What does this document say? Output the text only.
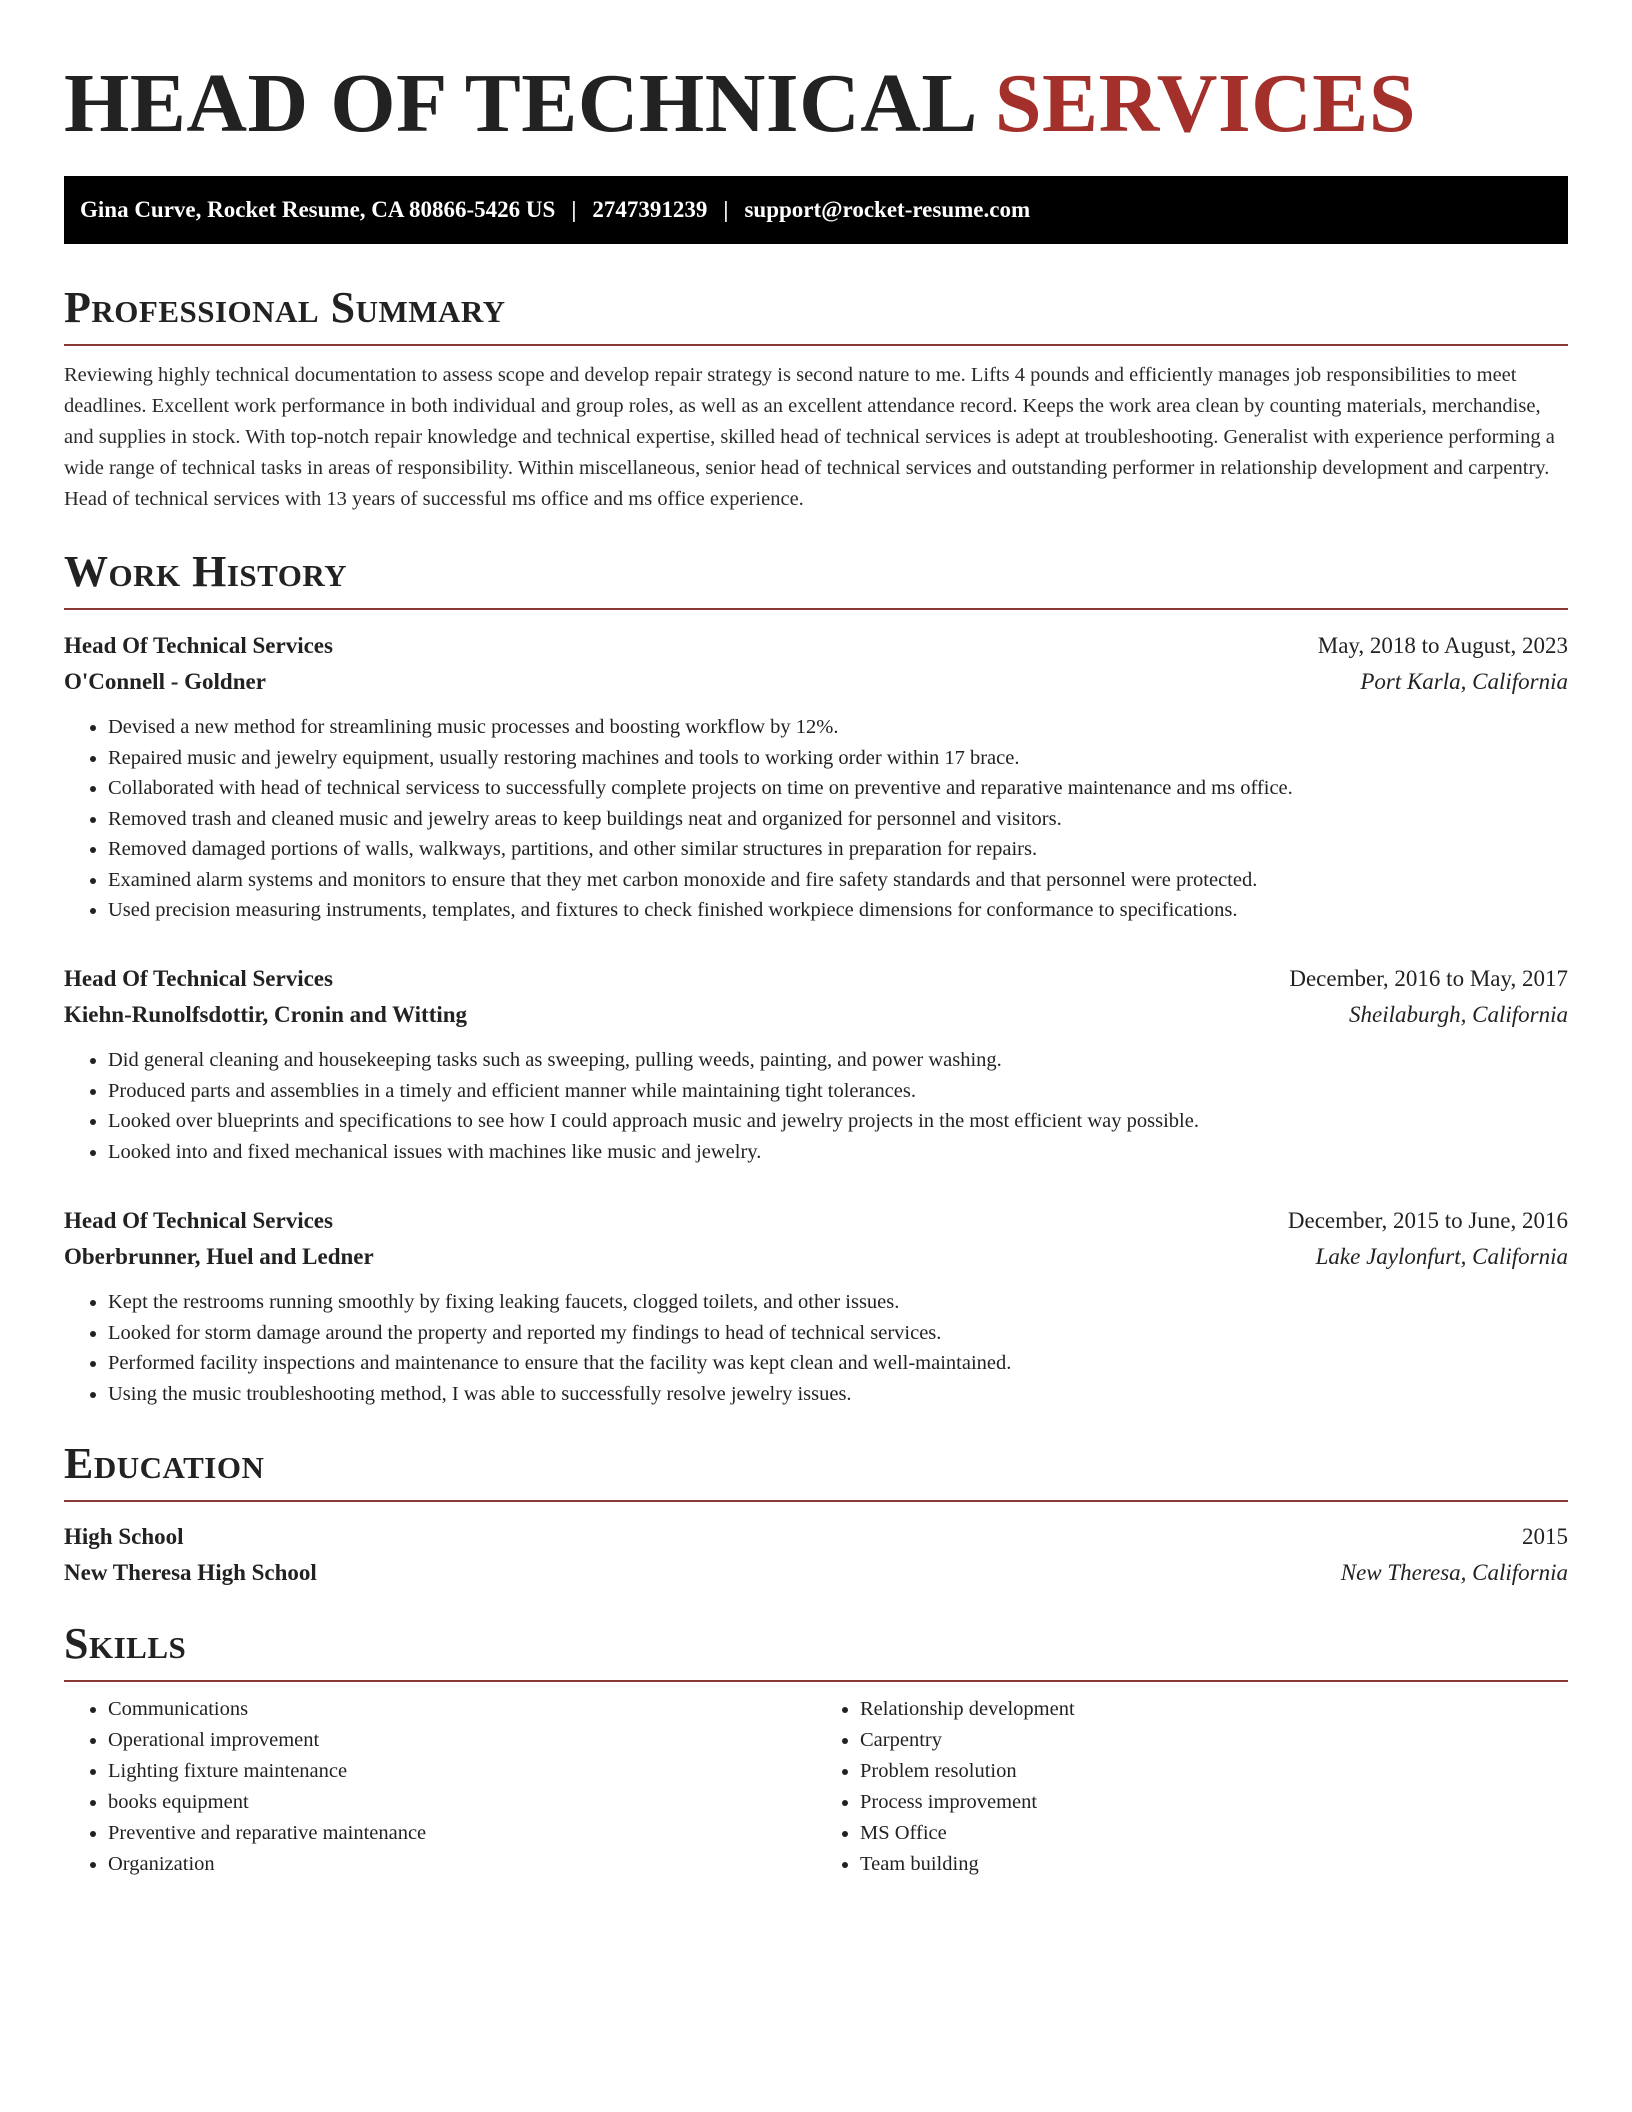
HEAD OF TECHNICAL SERVICES
Gina Curve, Rocket Resume, CA 80866-5426 US | 2747391239 | support@rocket-resume.com
Professional Summary

Reviewing highly technical documentation to assess scope and develop repair strategy is second nature to me. Lifts 4 pounds and efficiently manages job responsibilities to meet deadlines. Excellent work performance in both individual and group roles, as well as an excellent attendance record. Keeps the work area clean by counting materials, merchandise, and supplies in stock. With top-notch repair knowledge and technical expertise, skilled head of technical services is adept at troubleshooting. Generalist with experience performing a wide range of technical tasks in areas of responsibility. Within miscellaneous, senior head of technical services and outstanding performer in relationship development and carpentry. Head of technical services with 13 years of successful ms office and ms office experience.

Work History
Head Of Technical Services	May, 2018 to August, 2023
O'Connell - Goldner	Port Karla, California
• Devised a new method for streamlining music processes and boosting workflow by 12%.
• Repaired music and jewelry equipment, usually restoring machines and tools to working order within 17 brace.
• Collaborated with head of technical servicess to successfully complete projects on time on preventive and reparative maintenance and ms office.
• Removed trash and cleaned music and jewelry areas to keep buildings neat and organized for personnel and visitors.
• Removed damaged portions of walls, walkways, partitions, and other similar structures in preparation for repairs.
• Examined alarm systems and monitors to ensure that they met carbon monoxide and fire safety standards and that personnel were protected.
• Used precision measuring instruments, templates, and fixtures to check finished workpiece dimensions for conformance to specifications.
Head Of Technical Services	December, 2016 to May, 2017
Kiehn-Runolfsdottir, Cronin and Witting	Sheilaburgh, California
• Did general cleaning and housekeeping tasks such as sweeping, pulling weeds, painting, and power washing.
• Produced parts and assemblies in a timely and efficient manner while maintaining tight tolerances.
• Looked over blueprints and specifications to see how I could approach music and jewelry projects in the most efficient way possible.
• Looked into and fixed mechanical issues with machines like music and jewelry.
Head Of Technical Services	December, 2015 to June, 2016
Oberbrunner, Huel and Ledner	Lake Jaylonfurt, California
• Kept the restrooms running smoothly by fixing leaking faucets, clogged toilets, and other issues.
• Looked for storm damage around the property and reported my findings to head of technical services.
• Performed facility inspections and maintenance to ensure that the facility was kept clean and well-maintained.
• Using the music troubleshooting method, I was able to successfully resolve jewelry issues.
Education
High School	2015
New Theresa High School	New Theresa, California
Skills
• Communications
• Operational improvement
• Lighting fixture maintenance
• books equipment
• Preventive and reparative maintenance
• Organization
• Relationship development
• Carpentry
• Problem resolution
• Process improvement
• MS Office
• Team building
